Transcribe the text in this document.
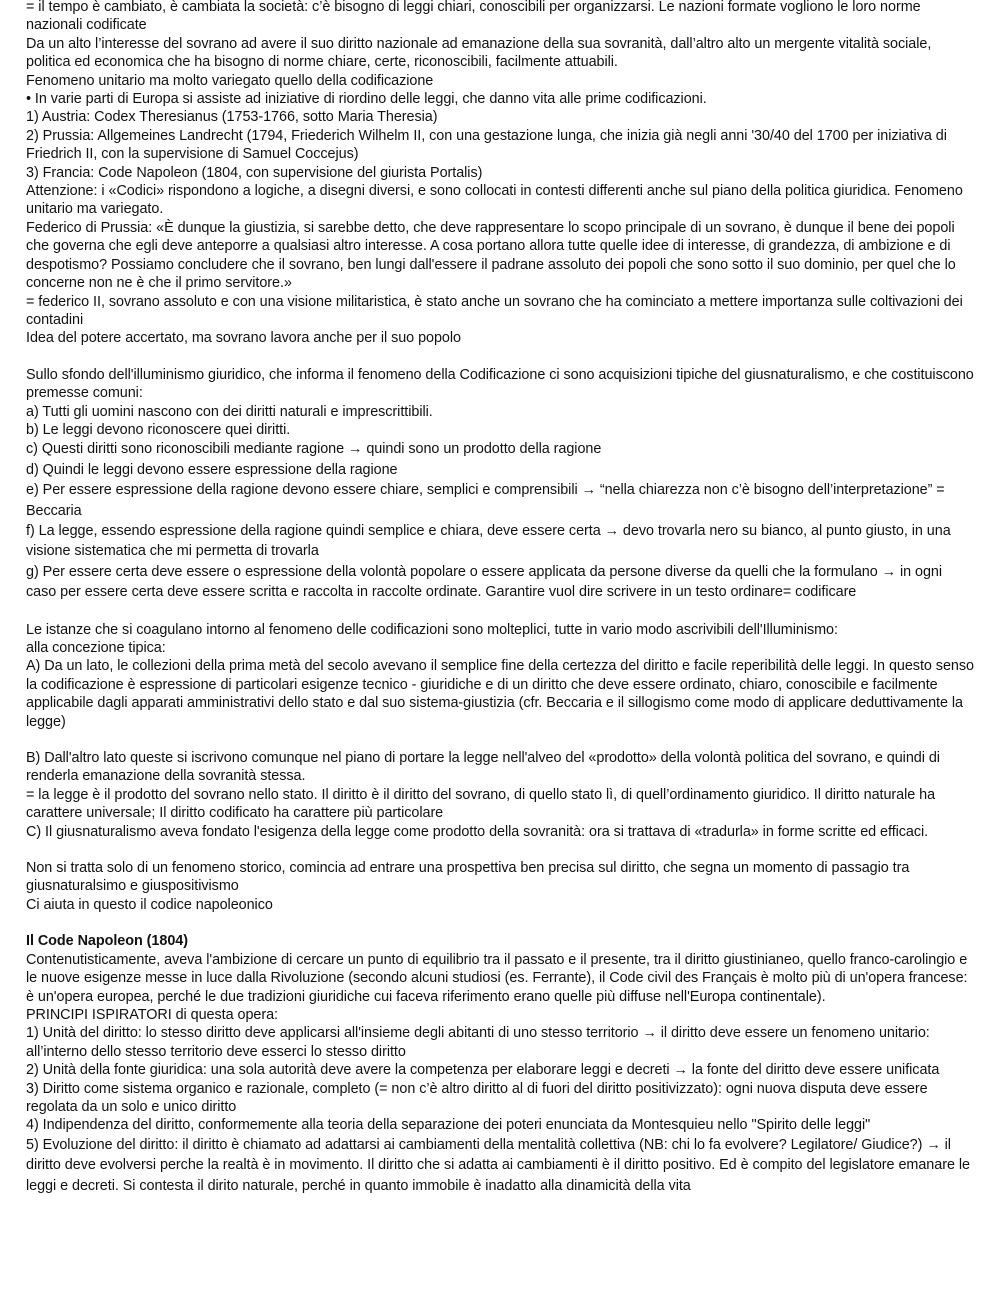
= il tempo è cambiato, è cambiata la società: c’è bisogno di leggi chiari, conoscibili per organizzarsi. Le nazioni formate vogliono le loro norme nazionali codificate

Da un alto l’interesse del sovrano ad avere il suo diritto nazionale ad emanazione della sua sovranità, dall’altro alto un mergente vitalità sociale, politica ed economica che ha bisogno di norme chiare, certe, riconoscibili, facilmente attuabili.

Fenomeno unitario ma molto variegato quello della codificazione

• In varie parti di Europa si assiste ad iniziative di riordino delle leggi, che danno vita alle prime codificazioni.

1) Austria: Codex Theresianus (1753-1766, sotto Maria Theresia)

2) Prussia: Allgemeines Landrecht (1794, Friederich Wilhelm II, con una gestazione lunga, che inizia già negli anni '30/40 del 1700 per iniziativa di Friedrich II, con la supervisione di Samuel Coccejus)

3) Francia: Code Napoleon (1804, con supervisione del giurista Portalis)

Attenzione: i «Codici» rispondono a logiche, a disegni diversi, e sono collocati in contesti differenti anche sul piano della politica giuridica. Fenomeno unitario ma variegato.

Federico di Prussia: «È dunque la giustizia, si sarebbe detto, che deve rappresentare lo scopo principale di un sovrano, è dunque il bene dei popoli che governa che egli deve anteporre a qualsiasi altro interesse. A cosa portano allora tutte quelle idee di interesse, di grandezza, di ambizione e di despotismo? Possiamo concludere che il sovrano, ben lungi dall'essere il padrane assoluto dei popoli che sono sotto il suo dominio, per quel che lo concerne non ne è che il primo servitore.»

= federico II, sovrano assoluto e con una visione militaristica, è stato anche un sovrano che ha cominciato a mettere importanza sulle coltivazioni dei contadini

Idea del potere accertato, ma sovrano lavora anche per il suo popolo

Sullo sfondo dell'illuminismo giuridico, che informa il fenomeno della Codificazione ci sono acquisizioni tipiche del giusnaturalismo, e che costituiscono premesse comuni:

a) Tutti gli uomini nascono con dei diritti naturali e imprescrittibili.

b) Le leggi devono riconoscere quei diritti.

c) Questi diritti sono riconoscibili mediante ragione → quindi sono un prodotto della ragione

d) Quindi le leggi devono essere espressione della ragione

e) Per essere espressione della ragione devono essere chiare, semplici e comprensibili → “nella chiarezza non c’è bisogno dell’interpretazione” = Beccaria

f) La legge, essendo espressione della ragione quindi semplice e chiara, deve essere certa → devo trovarla nero su bianco, al punto giusto, in una visione sistematica che mi permetta di trovarla

g) Per essere certa deve essere o espressione della volontà popolare o essere applicata da persone diverse da quelli che la formulano → in ogni caso per essere certa deve essere scritta e raccolta in raccolte ordinate. Garantire vuol dire scrivere in un testo ordinare= codificare

Le istanze che si coagulano intorno al fenomeno delle codificazioni sono molteplici, tutte in vario modo ascrivibili dell'Illuminismo:

alla concezione tipica:

A) Da un lato, le collezioni della prima metà del secolo avevano il semplice fine della certezza del diritto e facile reperibilità delle leggi. In questo senso la codificazione è espressione di particolari esigenze tecnico - giuridiche e di un diritto che deve essere ordinato, chiaro, conoscibile e facilmente applicabile dagli apparati amministrativi dello stato e dal suo sistema-giustizia (cfr. Beccaria e il sillogismo come modo di applicare deduttivamente la legge)

B) Dall'altro lato queste si iscrivono comunque nel piano di portare la legge nell'alveo del «prodotto» della volontà politica del sovrano, e quindi di renderla emanazione della sovranità stessa.

= la legge è il prodotto del sovrano nello stato. Il diritto è il diritto del sovrano, di quello stato lì, di quell’ordinamento giuridico. Il diritto naturale ha carattere universale; Il diritto codificato ha carattere più particolare

C) Il giusnaturalismo aveva fondato l'esigenza della legge come prodotto della sovranità: ora si trattava di «tradurla» in forme scritte ed efficaci.

Non si tratta solo di un fenomeno storico, comincia ad entrare una prospettiva ben precisa sul diritto, che segna un momento di passagio tra giusnaturalsimo e giuspositivismo

Ci aiuta in questo il codice napoleonico

Il Code Napoleon (1804)

Contenutisticamente, aveva l'ambizione di cercare un punto di equilibrio tra il passato e il presente, tra il diritto giustinianeo, quello franco-carolingio e le nuove esigenze messe in luce dalla Rivoluzione (secondo alcuni studiosi (es. Ferrante), il Code civil des Français è molto più di un'opera francese: è un'opera europea, perché le due tradizioni giuridiche cui faceva riferimento erano quelle più diffuse nell'Europa continentale).

PRINCIPI ISPIRATORI di questa opera:

1) Unità del diritto: lo stesso diritto deve applicarsi all'insieme degli abitanti di uno stesso territorio → il diritto deve essere un fenomeno unitario: all’interno dello stesso territorio deve esserci lo stesso diritto

2) Unità della fonte giuridica: una sola autorità deve avere la competenza per elaborare leggi e decreti → la fonte del diritto deve essere unificata

3) Diritto come sistema organico e razionale, completo (= non c’è altro diritto al di fuori del diritto positivizzato): ogni nuova disputa deve essere regolata da un solo e unico diritto

4) Indipendenza del diritto, conformemente alla teoria della separazione dei poteri enunciata da Montesquieu nello "Spirito delle leggi"

5) Evoluzione del diritto: il diritto è chiamato ad adattarsi ai cambiamenti della mentalità collettiva (NB: chi lo fa evolvere? Legilatore/ Giudice?) → il diritto deve evolversi perche la realtà è in movimento. Il diritto che si adatta ai cambiamenti è il diritto positivo. Ed è compito del legislatore emanare le leggi e decreti. Si contesta il dirito naturale, perché in quanto immobile è inadatto alla dinamicità della vita
